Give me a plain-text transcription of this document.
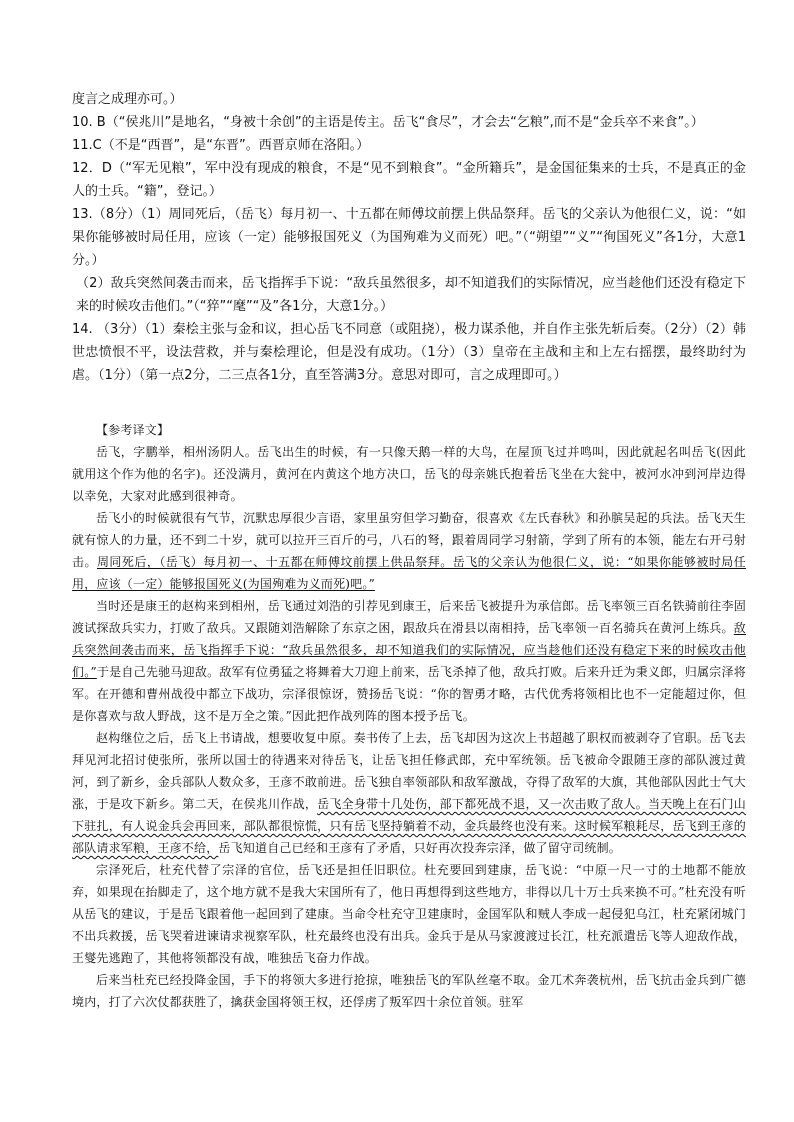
度言之成理亦可。）

10. B（“侯兆川”是地名，“身被十余创”的主语是传主。岳飞“食尽”，才会去“乞粮”,而不是“金兵卒不来食”。）

11.C（不是“西晋”，是“东晋”。西晋京师在洛阳。）

12．D（“军无见粮”，军中没有现成的粮食，不是“见不到粮食”。“金所籍兵”，是金国征集来的士兵，不是真正的金人的士兵。“籍”，登记。）

13.（8分）（1）周同死后，（岳飞）每月初一、十五都在师傅坟前摆上供品祭拜。岳飞的父亲认为他很仁义，说：“如果你能够被时局任用，应该（一定）能够报国死义（为国殉难为义而死）吧。”（“朔望”“义”“徇国死义”各1分，大意1分。）

（2）敌兵突然间袭击而来，岳飞指挥手下说：“敌兵虽然很多，却不知道我们的实际情况，应当趁他们还没有稳定下来的时候攻击他们。”（“猝”“麾”“及”各1分，大意1分。）

14. （3分）（1）秦桧主张与金和议，担心岳飞不同意（或阻挠），极力谋杀他，并自作主张先斩后奏。（2分）（2）韩世忠愤恨不平，设法营救，并与秦桧理论，但是没有成功。（1分）（3）皇帝在主战和主和上左右摇摆，最终助纣为虐。（1分）（第一点2分，二三点各1分，直至答满3分。意思对即可，言之成理即可。）

【参考译文】

岳飞，字鹏举，相州汤阴人。岳飞出生的时候，有一只像天鹅一样的大鸟，在屋顶飞过并鸣叫，因此就起名叫岳飞(因此就用这个作为他的名字)。还没满月，黄河在内黄这个地方决口，岳飞的母亲姚氏抱着岳飞坐在大瓮中，被河水冲到河岸边得以幸免，大家对此感到很神奇。

岳飞小的时候就很有气节，沉默忠厚很少言语，家里虽穷但学习勤奋，很喜欢《左氏春秋》和孙膑吴起的兵法。岳飞天生就有惊人的力量，还不到二十岁，就可以拉开三百斤的弓，八石的弩，跟着周同学习射箭，学到了所有的本领，能左右开弓射击。周同死后，（岳飞）每月初一、十五都在师傅坟前摆上供品祭拜。岳飞的父亲认为他很仁义，说：“如果你能够被时局任用，应该（一定）能够报国死义(为国殉难为义而死)吧。”

当时还是康王的赵构来到相州，岳飞通过刘浩的引荐见到康王，后来岳飞被提升为承信郎。岳飞率领三百名铁骑前往李固渡试探敌兵实力，打败了敌兵。又跟随刘浩解除了东京之困，跟敌兵在滑县以南相持，岳飞率领一百名骑兵在黄河上练兵。敌兵突然间袭击而来，岳飞指挥手下说：“敌兵虽然很多，却不知道我们的实际情况，应当趁他们还没有稳定下来的时候攻击他们。”于是自己先驰马迎敌。敌军有位勇猛之将舞着大刀迎上前来，岳飞杀掉了他，敌兵打败。后来升迁为秉义郎，归属宗泽将军。在开德和曹州战役中都立下战功，宗泽很惊讶，赞扬岳飞说：“你的智勇才略，古代优秀将领相比也不一定能超过你，但是你喜欢与敌人野战，这不是万全之策。”因此把作战列阵的图本授予岳飞。

赵构继位之后，岳飞上书请战，想要收复中原。奏书传了上去，岳飞却因为这次上书超越了职权而被剥夺了官职。岳飞去拜见河北招讨使张所，张所以国士的待遇来对待岳飞，让岳飞担任修武郎，充中军统领。岳飞被命令跟随王彦的部队渡过黄河，到了新乡，金兵部队人数众多，王彦不敢前进。岳飞独自率领部队和敌军激战，夺得了敌军的大旗，其他部队因此士气大涨，于是攻下新乡。第二天，在侯兆川作战，岳飞全身带十几处伤，部下都死战不退，又一次击败了敌人。当天晚上在石门山下驻扎，有人说金兵会再回来，部队都很惊慌，只有岳飞坚持躺着不动，金兵最终也没有来。这时候军粮耗尽，岳飞到王彦的部队请求军粮，王彦不给，岳飞知道自己已经和王彦有了矛盾，只好再次投奔宗泽，做了留守司统制。

宗泽死后，杜充代替了宗泽的官位，岳飞还是担任旧职位。杜充要回到建康，岳飞说：“中原一尺一寸的土地都不能放弃，如果现在抬脚走了，这个地方就不是我大宋国所有了，他日再想得到这些地方，非得以几十万士兵来换不可。”杜充没有听从岳飞的建议，于是岳飞跟着他一起回到了建康。当命令杜充守卫建康时，金国军队和贼人李成一起侵犯乌江，杜充紧闭城门不出兵救援，岳飞哭着进谏请求视察军队，杜充最终也没有出兵。金兵于是从马家渡渡过长江，杜充派遣岳飞等人迎敌作战，王燮先逃跑了，其他将领都没有战，唯独岳飞奋力作战。

后来当杜充已经投降金国，手下的将领大多进行抢掠，唯独岳飞的军队丝毫不取。金兀术奔袭杭州，岳飞抗击金兵到广德境内，打了六次仗都获胜了，擒获金国将领王权，还俘虏了叛军四十余位首领。驻军
